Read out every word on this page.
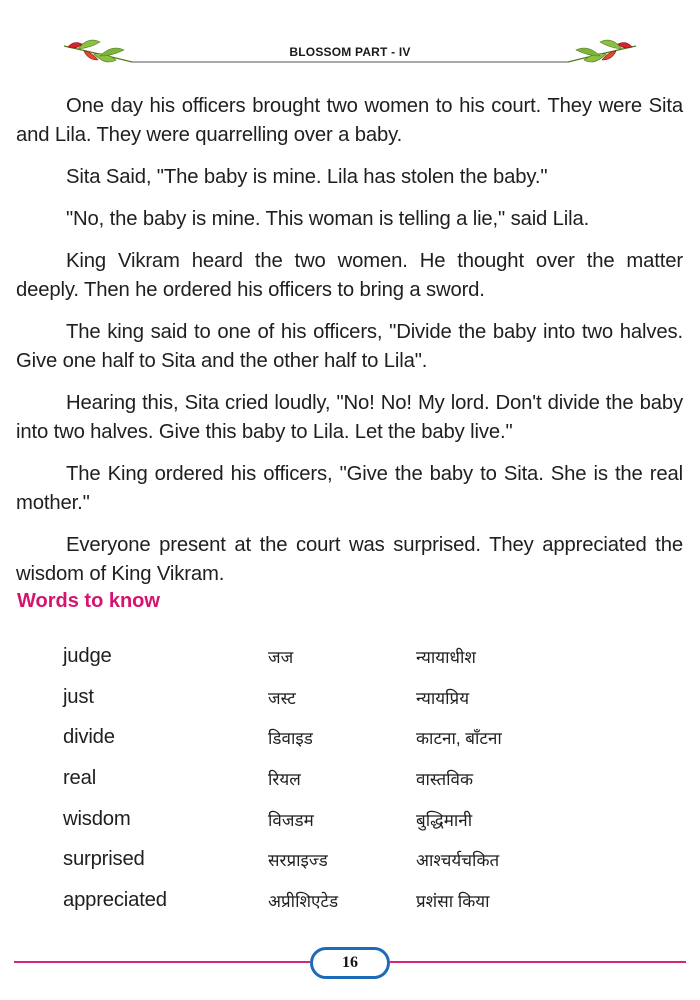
BLOSSOM PART - IV

One day his officers brought two women to his court. They were Sita and Lila. They were quarrelling over a baby.

Sita Said, "The baby is mine. Lila has stolen the baby."

"No, the baby is mine. This woman is telling a lie," said Lila.

King Vikram heard the two women. He thought over the matter deeply. Then he ordered his officers to bring a sword.

The king said to one of his officers, "Divide the baby into two halves. Give one half to Sita and the other half to Lila".

Hearing this, Sita cried loudly, "No! No! My lord. Don't divide the baby into two halves. Give this baby to Lila. Let the baby live."

The King ordered his officers, "Give the baby to Sita. She is the real mother."

Everyone present at the court was surprised. They appreciated the wisdom of King Vikram.

Words to know
judge	जज	न्यायाधीश
just	जस्ट	न्यायप्रिय
divide	डिवाइड	काटना, बाँटना
real	रियल	वास्तविक
wisdom	विजडम	बुद्धिमानी
surprised	सरप्राइज्ड	आश्चर्यचकित
appreciated	अप्रीशिएटेड	प्रशंसा किया
16
